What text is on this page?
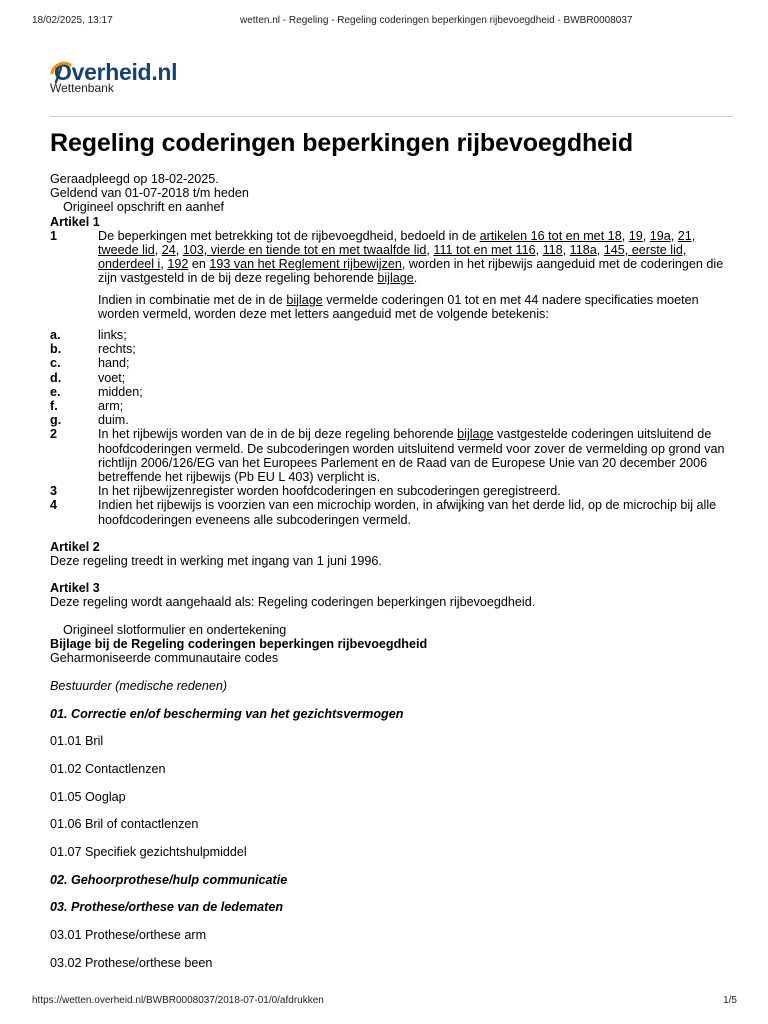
18/02/2025, 13:17	wetten.nl - Regeling - Regeling coderingen beperkingen rijbevoegdheid - BWBR0008037
Overheid.nl
Wettenbank
Regeling coderingen beperkingen rijbevoegdheid
Geraadpleegd op 18-02-2025.
Geldend van 01-07-2018 t/m heden
Origineel opschrift en aanhef
Artikel 1
1	De beperkingen met betrekking tot de rijbevoegdheid, bedoeld in de artikelen 16 tot en met 18, 19, 19a, 21, tweede lid, 24, 103, vierde en tiende tot en met twaalfde lid, 111 tot en met 116, 118, 118a, 145, eerste lid, onderdeel i, 192 en 193 van het Reglement rijbewijzen, worden in het rijbewijs aangeduid met de coderingen die zijn vastgesteld in de bij deze regeling behorende bijlage.
Indien in combinatie met de in de bijlage vermelde coderingen 01 tot en met 44 nadere specificaties moeten worden vermeld, worden deze met letters aangeduid met de volgende betekenis:
a.	links;
b.	rechts;
c.	hand;
d.	voet;
e.	midden;
f.	arm;
g.	duim.
2	In het rijbewijs worden van de in de bij deze regeling behorende bijlage vastgestelde coderingen uitsluitend de hoofdcoderingen vermeld. De subcoderingen worden uitsluitend vermeld voor zover de vermelding op grond van richtlijn 2006/126/EG van het Europees Parlement en de Raad van de Europese Unie van 20 december 2006 betreffende het rijbewijs (Pb EU L 403) verplicht is.
3	In het rijbewijzenregister worden hoofdcoderingen en subcoderingen geregistreerd.
4	Indien het rijbewijs is voorzien van een microchip worden, in afwijking van het derde lid, op de microchip bij alle hoofdcoderingen eveneens alle subcoderingen vermeld.
Artikel 2
Deze regeling treedt in werking met ingang van 1 juni 1996.
Artikel 3
Deze regeling wordt aangehaald als: Regeling coderingen beperkingen rijbevoegdheid.
Origineel slotformulier en ondertekening
Bijlage bij de Regeling coderingen beperkingen rijbevoegdheid
Geharmoniseerde communautaire codes
Bestuurder (medische redenen)
01. Correctie en/of bescherming van het gezichtsvermogen
01.01 Bril
01.02 Contactlenzen
01.05 Ooglap
01.06 Bril of contactlenzen
01.07 Specifiek gezichtshulpmiddel
02. Gehoorprothese/hulp communicatie
03. Prothese/orthese van de ledematen
03.01 Prothese/orthese arm
03.02 Prothese/orthese been
https://wetten.overheid.nl/BWBR0008037/2018-07-01/0/afdrukken	1/5
